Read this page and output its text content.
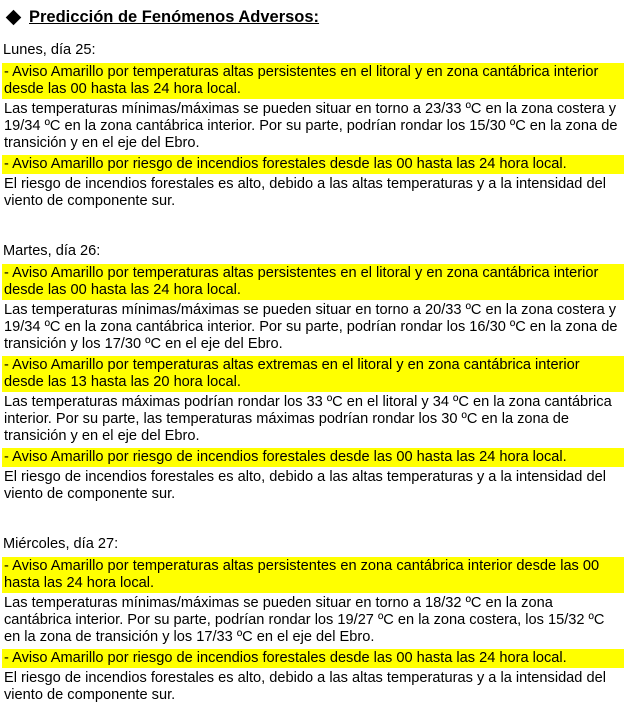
Predicción de Fenómenos Adversos:
Lunes, día 25:
- Aviso Amarillo por temperaturas altas persistentes en el litoral y en zona cantábrica interior desde las 00 hasta las 24 hora local.
Las temperaturas mínimas/máximas se pueden situar en torno a 23/33 ºC en la zona costera y 19/34 ºC en la zona cantábrica interior. Por su parte, podrían rondar los 15/30 ºC en la zona de transición y en el eje del Ebro.
- Aviso Amarillo por riesgo de incendios forestales desde las 00 hasta las 24 hora local.
El riesgo de incendios forestales es alto, debido a las altas temperaturas y a la intensidad del viento de componente sur.
Martes, día 26:
- Aviso Amarillo por temperaturas altas persistentes en el litoral y en zona cantábrica interior desde las 00 hasta las 24 hora local.
Las temperaturas mínimas/máximas se pueden situar en torno a 20/33 ºC en la zona costera y 19/34 ºC en la zona cantábrica interior. Por su parte, podrían rondar los 16/30 ºC en la zona de transición y los 17/30 ºC en el eje del Ebro.
- Aviso Amarillo por temperaturas altas extremas en el litoral y en zona cantábrica interior desde las 13 hasta las 20 hora local.
Las temperaturas máximas podrían rondar los 33 ºC en el litoral y 34 ºC en la zona cantábrica interior. Por su parte, las temperaturas máximas podrían rondar los 30 ºC en la zona de transición y en el eje del Ebro.
- Aviso Amarillo por riesgo de incendios forestales desde las 00 hasta las 24 hora local.
El riesgo de incendios forestales es alto, debido a las altas temperaturas y a la intensidad del viento de componente sur.
Miércoles, día 27:
- Aviso Amarillo por temperaturas altas persistentes en zona cantábrica interior desde las 00 hasta las 24 hora local.
Las temperaturas mínimas/máximas se pueden situar en torno a 18/32 ºC en la zona cantábrica interior. Por su parte, podrían rondar los 19/27 ºC en la zona costera, los 15/32 ºC en la zona de transición y los 17/33 ºC en el eje del Ebro.
- Aviso Amarillo por riesgo de incendios forestales desde las 00 hasta las 24 hora local.
El riesgo de incendios forestales es alto, debido a las altas temperaturas y a la intensidad del viento de componente sur.
